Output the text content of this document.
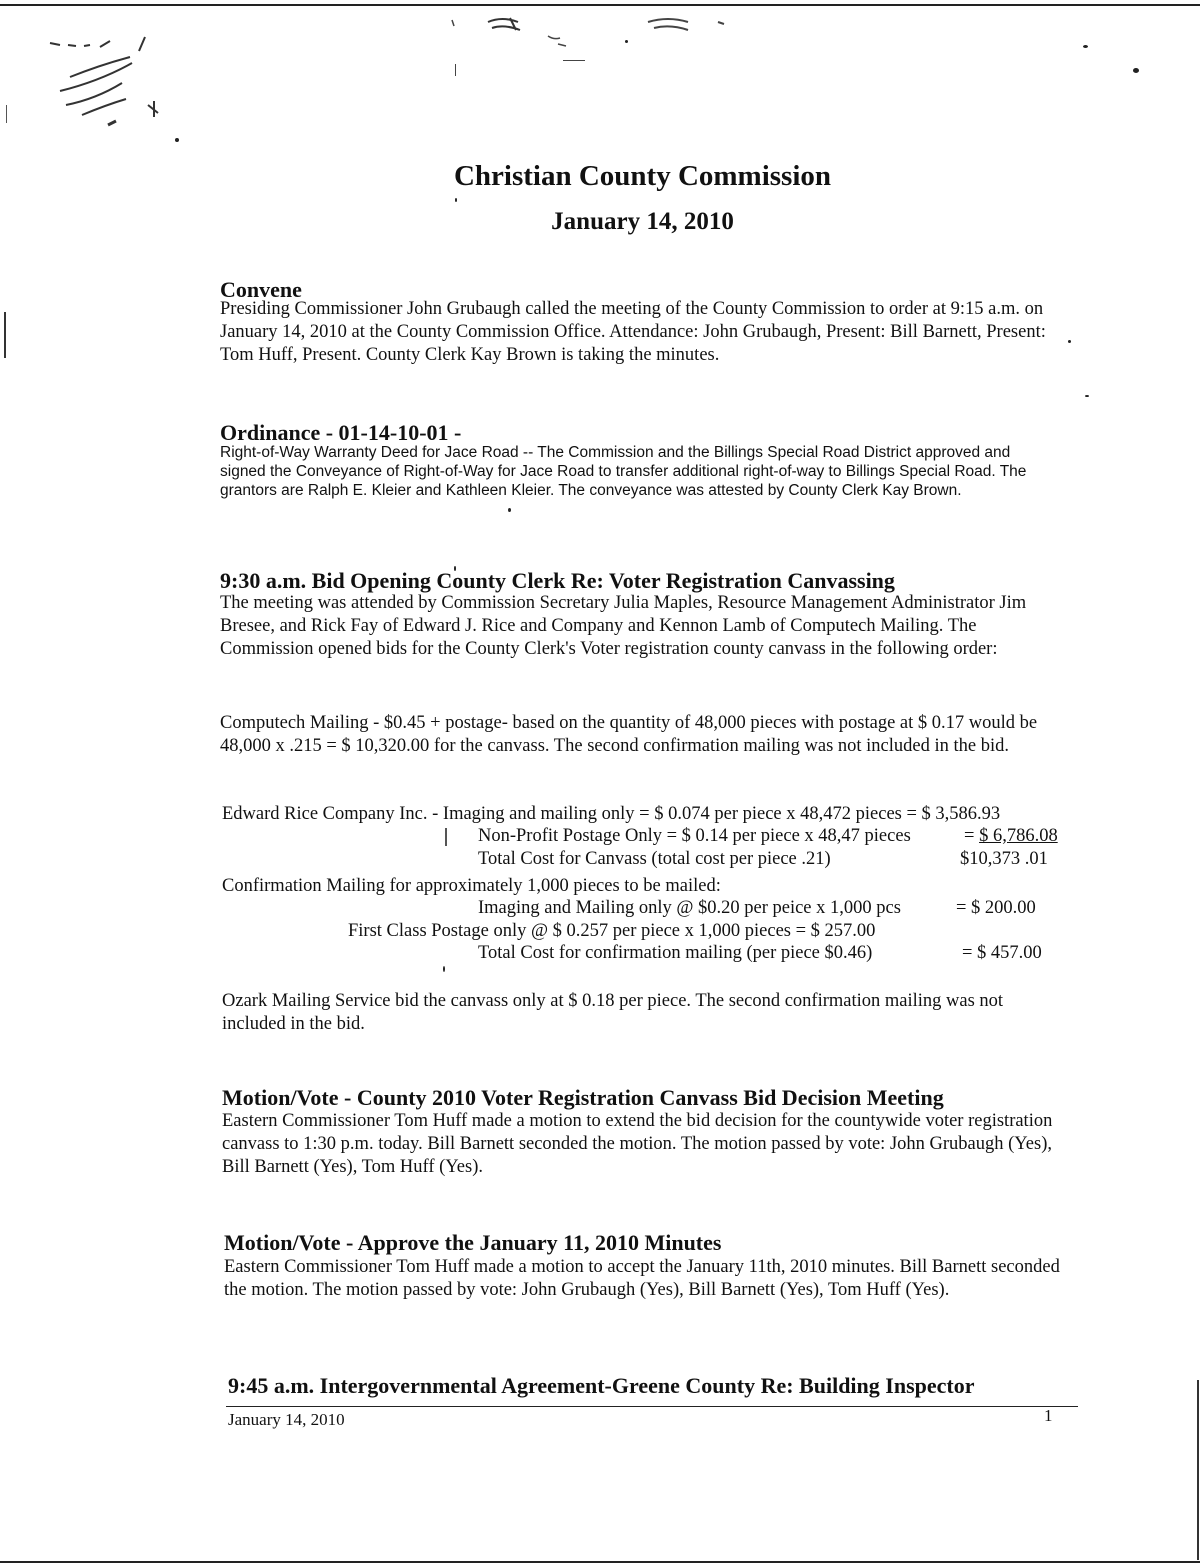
Christian County Commission
January 14, 2010
Convene
Presiding Commissioner John Grubaugh called the meeting of the County Commission to order at 9:15 a.m. on January 14, 2010 at the County Commission Office. Attendance: John Grubaugh, Present: Bill Barnett, Present: Tom Huff, Present. County Clerk Kay Brown is taking the minutes.
Ordinance - 01-14-10-01 -
Right-of-Way Warranty Deed for Jace Road -- The Commission and the Billings Special Road District approved and signed the Conveyance of Right-of-Way for Jace Road to transfer additional right-of-way to Billings Special Road. The grantors are Ralph E. Kleier and Kathleen Kleier. The conveyance was attested by County Clerk Kay Brown.
9:30 a.m. Bid Opening County Clerk Re: Voter Registration Canvassing
The meeting was attended by Commission Secretary Julia Maples, Resource Management Administrator Jim Bresee, and Rick Fay of Edward J. Rice and Company and Kennon Lamb of Computech Mailing. The Commission opened bids for the County Clerk's Voter registration county canvass in the following order:
Computech Mailing - $0.45 + postage- based on the quantity of 48,000 pieces with postage at $ 0.17 would be 48,000 x .215 = $ 10,320.00 for the canvass. The second confirmation mailing was not included in the bid.
Edward Rice Company Inc. - Imaging and mailing only = $ 0.074 per piece x 48,472 pieces = $ 3,586.93
Non-Profit Postage Only = $ 0.14 per piece x 48,47 pieces	= $ 6,786.08
Total Cost for Canvass (total cost per piece .21)	$10,373 .01
Confirmation Mailing for approximately 1,000 pieces to be mailed:
Imaging and Mailing only @ $0.20 per peice x 1,000 pcs	= $ 200.00
First Class Postage only @ $ 0.257 per piece x 1,000 pieces = $ 257.00
Total Cost for confirmation mailing (per piece $0.46)	= $ 457.00
Ozark Mailing Service bid the canvass only at $ 0.18 per piece. The second confirmation mailing was not included in the bid.
Motion/Vote - County 2010 Voter Registration Canvass Bid Decision Meeting
Eastern Commissioner Tom Huff made a motion to extend the bid decision for the countywide voter registration canvass to 1:30 p.m. today. Bill Barnett seconded the motion. The motion passed by vote: John Grubaugh (Yes), Bill Barnett (Yes), Tom Huff (Yes).
Motion/Vote - Approve the January 11, 2010 Minutes
Eastern Commissioner Tom Huff made a motion to accept the January 11th, 2010 minutes. Bill Barnett seconded the motion. The motion passed by vote: John Grubaugh (Yes), Bill Barnett (Yes), Tom Huff (Yes).
9:45 a.m. Intergovernmental Agreement-Greene County Re: Building Inspector
January 14, 2010	1
